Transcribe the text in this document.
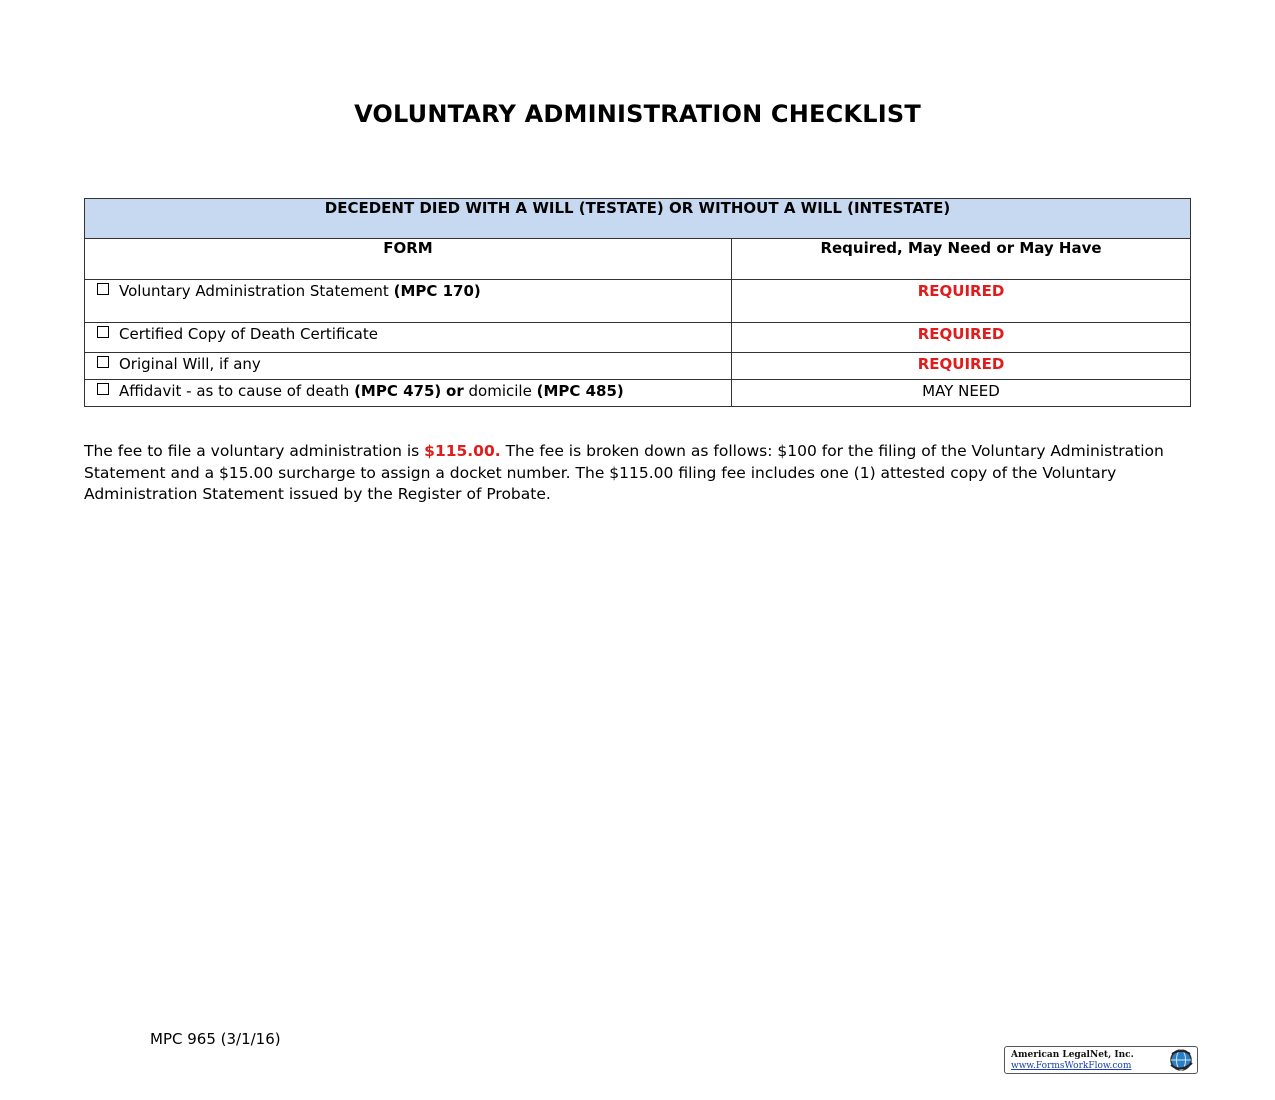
VOLUNTARY ADMINISTRATION CHECKLIST
DECEDENT DIED WITH A WILL (TESTATE) OR WITHOUT A WILL (INTESTATE)	
FORM	Required, May Need or May Have
Voluntary Administration Statement (MPC 170)	REQUIRED
Certified Copy of Death Certificate	REQUIRED
Original Will, if any	REQUIRED
Affidavit - as to cause of death (MPC 475) or domicile (MPC 485)	MAY NEED
The fee to file a voluntary administration is $115.00. The fee is broken down as follows: $100 for the filing of the Voluntary Administration Statement and a $15.00 surcharge to assign a docket number. The $115.00 filing fee includes one (1) attested copy of the Voluntary Administration Statement issued by the Register of Probate.
MPC 965 (3/1/16)
American LegalNet, Inc.
www.FormsWorkFlow.com
